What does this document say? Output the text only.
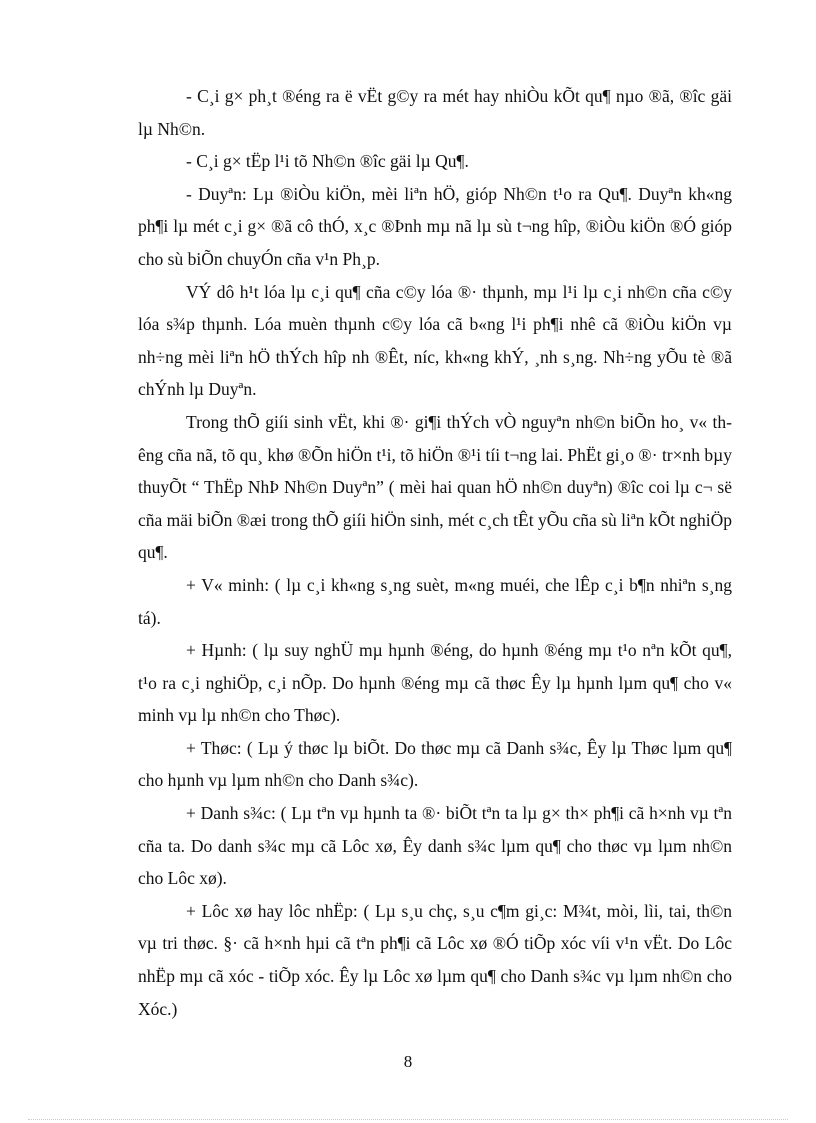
- C¸i g× ph¸t ®éng ra ë vËt g©y ra mét hay nhiÒu kÕt qu¶ nµo ®ã, ®îc gäi lµ Nh©n.

- C¸i g× tËp l¹i tõ Nh©n ®îc gäi lµ Qu¶.

- Duyªn: Lµ ®iÒu kiÖn, mèi liªn hÖ, gióp Nh©n t¹o ra Qu¶. Duyªn kh«ng ph¶i lµ mét c¸i g× ®ã cô thÓ, x¸c ®Þnh mµ nã lµ sù t¬ng hîp, ®iÒu kiÖn ®Ó gióp cho sù biÕn chuyÓn cña v¹n Ph¸p.

VÝ dô h¹t lóa lµ c¸i qu¶ cña c©y lóa ®· thµnh, mµ l¹i lµ c¸i nh©n cña c©y lóa s¾p thµnh. Lóa muèn thµnh c©y lóa cã b«ng l¹i ph¶i nhê cã ®iÒu kiÖn vµ nh÷ng mèi liªn hÖ thÝch hîp nh ®Êt, níc, kh«ng khÝ, ¸nh s¸ng. Nh÷ng yÕu tè ®ã chÝnh lµ Duyªn.

Trong thÕ giíi sinh vËt, khi ®· gi¶i thÝch vÒ nguyªn nh©n biÕn ho¸ v« thêng cña nã, tõ qu¸ khø ®Õn hiÖn t¹i, tõ hiÖn ®¹i tíi t¬ng lai. PhËt gi¸o ®· tr×nh bµy thuyÕt “ ThËp NhÞ Nh©n Duyªn” ( mèi hai quan hÖ nh©n duyªn) ®îc coi lµ c¬ së cña mäi biÕn ®æi trong thÕ giíi hiÖn sinh, mét c¸ch tÊt yÕu cña sù liªn kÕt nghiÖp qu¶.

+ V« minh: ( lµ c¸i kh«ng s¸ng suèt, m«ng muéi, che lÊp c¸i b¶n nhiªn s¸ng tá).

+ Hµnh: ( lµ suy nghÜ mµ hµnh ®éng, do hµnh ®éng mµ t¹o nªn kÕt qu¶, t¹o ra c¸i nghiÖp, c¸i nÕp. Do hµnh ®éng mµ cã thøc Êy lµ hµnh lµm qu¶ cho v« minh vµ lµ nh©n cho Thøc).

+ Thøc: ( Lµ ý thøc lµ biÕt. Do thøc mµ cã Danh s¾c, Êy lµ Thøc lµm qu¶ cho hµnh vµ lµm nh©n cho Danh s¾c).

+ Danh s¾c: ( Lµ tªn vµ hµnh ta ®· biÕt tªn ta lµ g× th× ph¶i cã h×nh vµ tªn cña ta. Do danh s¾c mµ cã Lôc xø, Êy danh s¾c lµm qu¶ cho thøc vµ lµm nh©n cho Lôc xø).

+ Lôc xø hay lôc nhËp: ( Lµ s¸u chç, s¸u c¶m gi¸c: M¾t, mòi, lìi, tai, th©n vµ tri thøc. §· cã h×nh hµi cã tªn ph¶i cã Lôc xø ®Ó tiÕp xóc víi v¹n vËt. Do Lôc nhËp mµ cã xóc - tiÕp xóc. Êy lµ Lôc xø lµm qu¶ cho Danh s¾c vµ lµm nh©n cho Xóc.)

8
